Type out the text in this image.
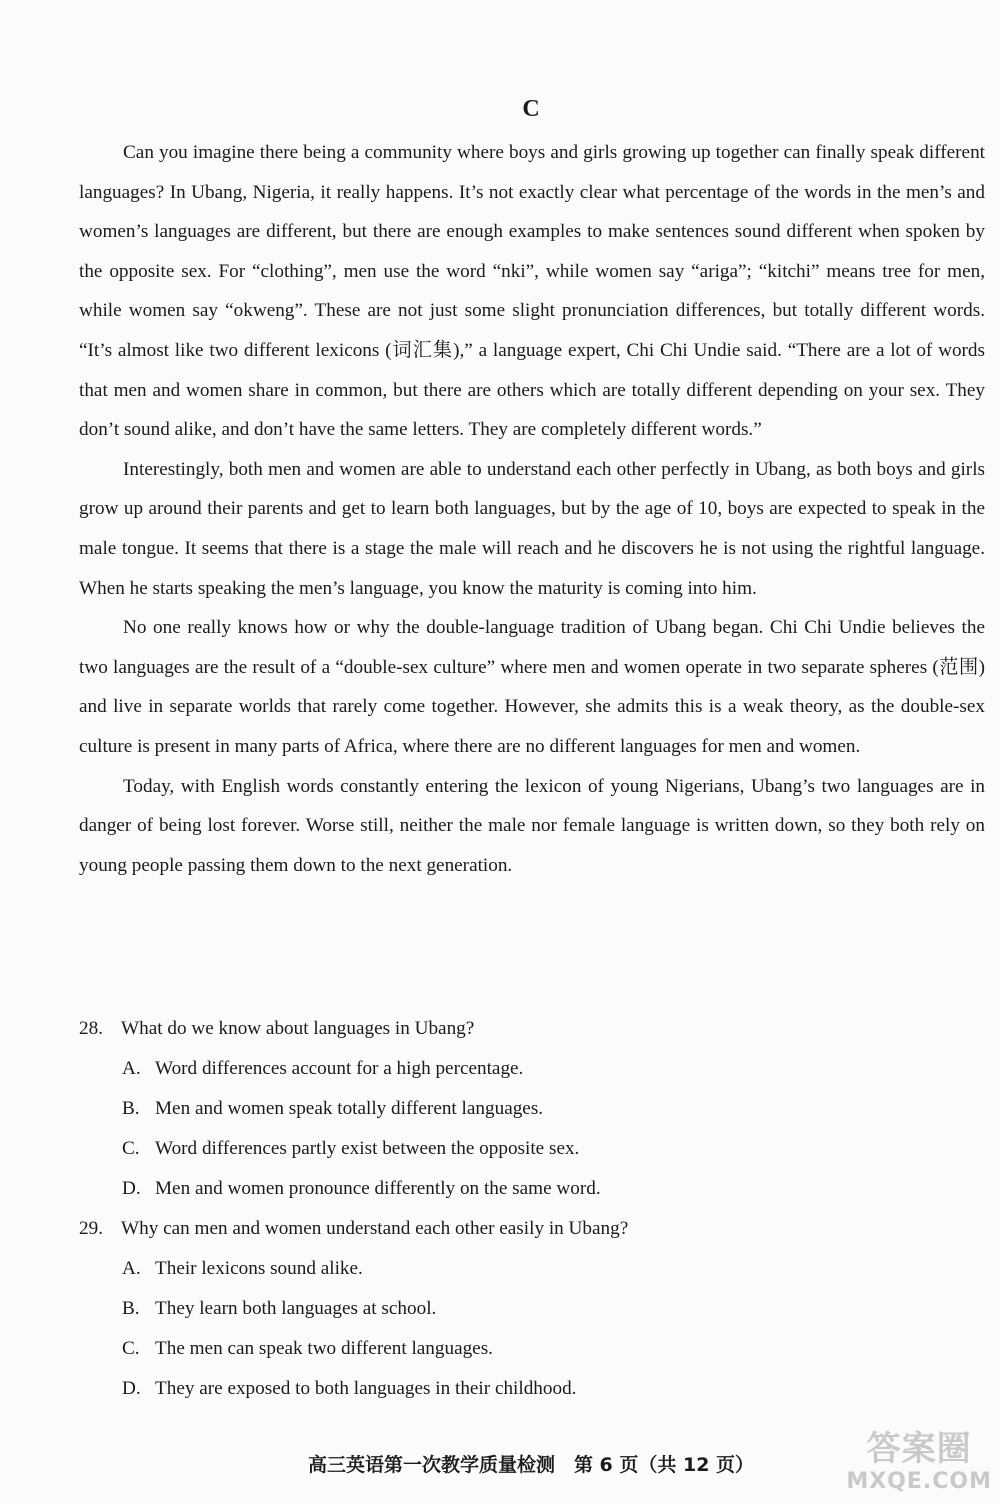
C

Can you imagine there being a community where boys and girls growing up together can finally speak different languages? In Ubang, Nigeria, it really happens. It’s not exactly clear what percentage of the words in the men’s and women’s languages are different, but there are enough examples to make sentences sound different when spoken by the opposite sex. For “clothing”, men use the word “nki”, while women say “ariga”; “kitchi” means tree for men, while women say “okweng”. These are not just some slight pronunciation differences, but totally different words. “It’s almost like two different lexicons (词汇集),” a language expert, Chi Chi Undie said. “There are a lot of words that men and women share in common, but there are others which are totally different depending on your sex. They don’t sound alike, and don’t have the same letters. They are completely different words.”

Interestingly, both men and women are able to understand each other perfectly in Ubang, as both boys and girls grow up around their parents and get to learn both languages, but by the age of 10, boys are expected to speak in the male tongue. It seems that there is a stage the male will reach and he discovers he is not using the rightful language. When he starts speaking the men’s language, you know the maturity is coming into him.

No one really knows how or why the double-language tradition of Ubang began. Chi Chi Undie believes the two languages are the result of a “double-sex culture” where men and women operate in two separate spheres (范围) and live in separate worlds that rarely come together. However, she admits this is a weak theory, as the double-sex culture is present in many parts of Africa, where there are no different languages for men and women.

Today, with English words constantly entering the lexicon of young Nigerians, Ubang’s two languages are in danger of being lost forever. Worse still, neither the male nor female language is written down, so they both rely on young people passing them down to the next generation.

28. What do we know about languages in Ubang?
A. Word differences account for a high percentage.
B. Men and women speak totally different languages.
C. Word differences partly exist between the opposite sex.
D. Men and women pronounce differently on the same word.
29. Why can men and women understand each other easily in Ubang?
A. Their lexicons sound alike.
B. They learn both languages at school.
C. The men can speak two different languages.
D. They are exposed to both languages in their childhood.
高三英语第一次教学质量检测　第 6 页（共 12 页）	答案圈
MXQE.COM
